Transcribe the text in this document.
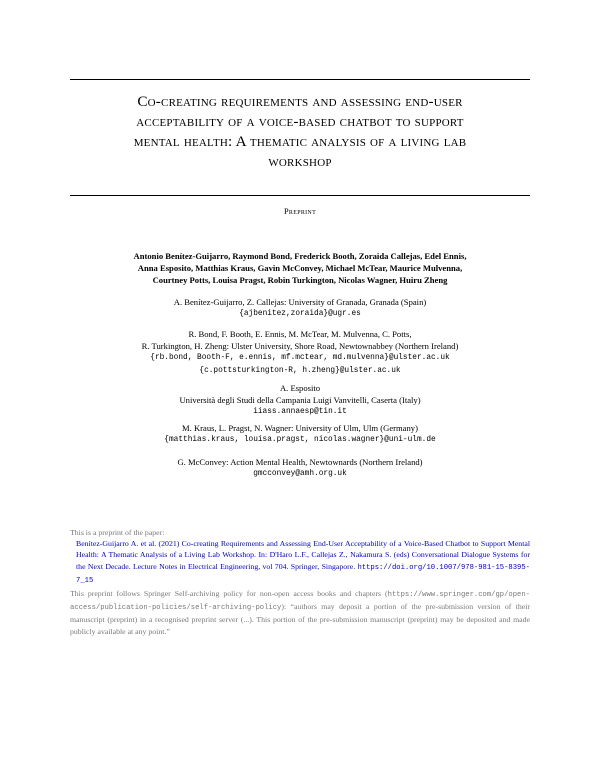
Co-creating requirements and assessing end-user
acceptability of a voice-based chatbot to support
mental health: A thematic analysis of a living lab
workshop
Preprint
Antonio Benítez-Guijarro, Raymond Bond, Frederick Booth, Zoraida Callejas, Edel Ennis,
Anna Esposito, Matthias Kraus, Gavin McConvey, Michael McTear, Maurice Mulvenna,
Courtney Potts, Louisa Pragst, Robin Turkington, Nicolas Wagner, Huiru Zheng
A. Benítez-Guijarro, Z. Callejas: University of Granada, Granada (Spain)
{ajbenitez,zoraida}@ugr.es
R. Bond, F. Booth, E. Ennis, M. McTear, M. Mulvenna, C. Potts,
R. Turkington, H. Zheng: Ulster University, Shore Road, Newtownabbey (Northern Ireland)
{rb.bond, Booth-F, e.ennis, mf.mctear, md.mulvenna}@ulster.ac.uk
{c.pottsturkington-R, h.zheng}@ulster.ac.uk
A. Esposito
Università degli Studi della Campania Luigi Vanvitelli, Caserta (Italy)
iiass.annaesp@tin.it
M. Kraus, L. Pragst, N. Wagner: University of Ulm, Ulm (Germany)
{matthias.kraus, louisa.pragst, nicolas.wagner}@uni-ulm.de
G. McConvey: Action Mental Health, Newtownards (Northern Ireland)
gmcconvey@amh.org.uk
This is a preprint of the paper:
Benítez-Guijarro A. et al. (2021) Co-creating Requirements and Assessing End-User Acceptability of a Voice-Based Chatbot to Support Mental Health: A Thematic Analysis of a Living Lab Workshop. In: D'Haro L.F., Callejas Z., Nakamura S. (eds) Conversational Dialogue Systems for the Next Decade. Lecture Notes in Electrical Engineering, vol 704. Springer, Singapore. https://doi.org/10.1007/978-981-15-8395-7_15
This preprint follows Springer Self-archiving policy for non-open access books and chapters (https://www.springer.com/gp/open-access/publication-policies/self-archiving-policy): “authors may deposit a portion of the pre-submission version of their manuscript (preprint) in a recognised preprint server (...). This portion of the pre-submission manuscript (preprint) may be deposited and made publicly available at any point.”
